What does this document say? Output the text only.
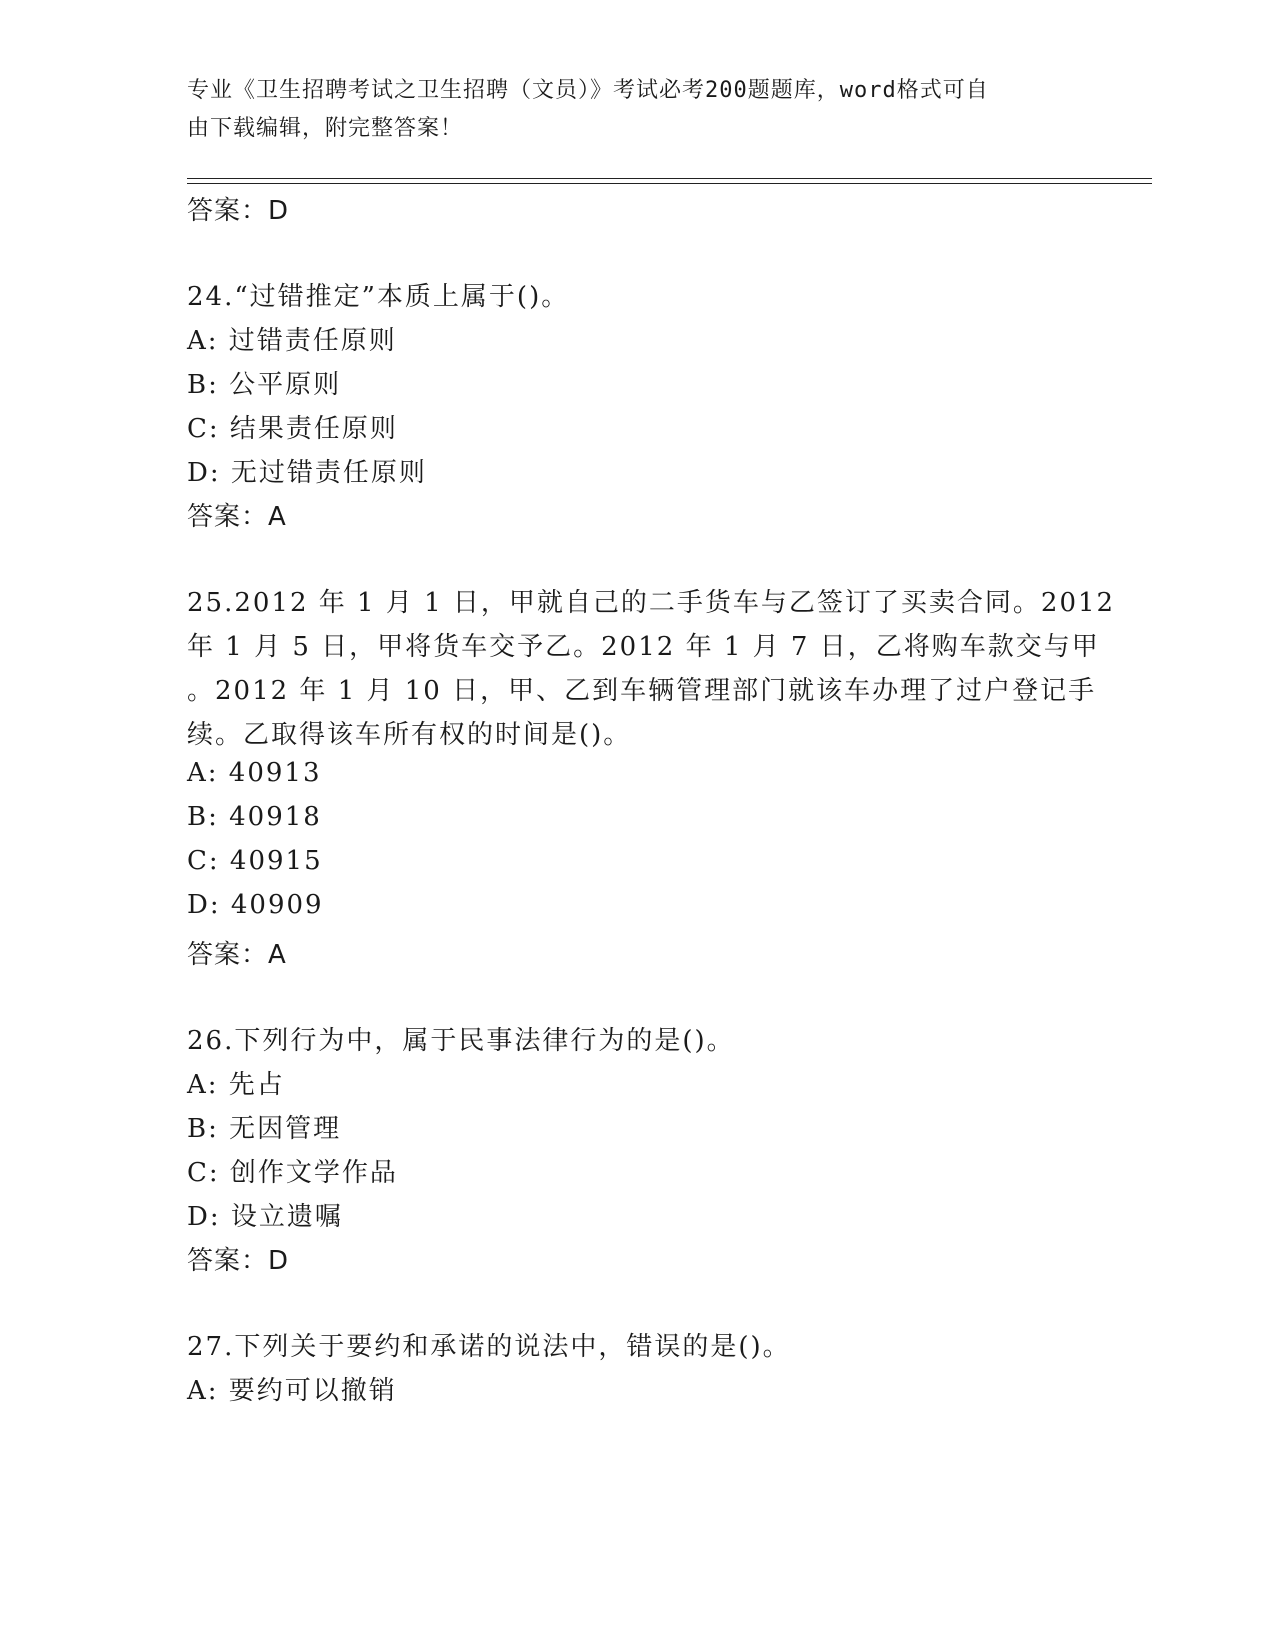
专业《卫生招聘考试之卫生招聘（文员）》考试必考200题题库，word格式可自
由下载编辑，附完整答案！
答案：D
24.“过错推定”本质上属于()。
A: 过错责任原则
B: 公平原则
C: 结果责任原则
D: 无过错责任原则
答案：A
25.2012 年 1 月 1 日，甲就自己的二手货车与乙签订了买卖合同。2012
年 1 月 5 日，甲将货车交予乙。2012 年 1 月 7 日，乙将购车款交与甲
。2012 年 1 月 10 日，甲、乙到车辆管理部门就该车办理了过户登记手
续。乙取得该车所有权的时间是()。
A: 40913
B: 40918
C: 40915
D: 40909
答案：A
26.下列行为中，属于民事法律行为的是()。
A: 先占
B: 无因管理
C: 创作文学作品
D: 设立遗嘱
答案：D
27.下列关于要约和承诺的说法中，错误的是()。
A: 要约可以撤销
